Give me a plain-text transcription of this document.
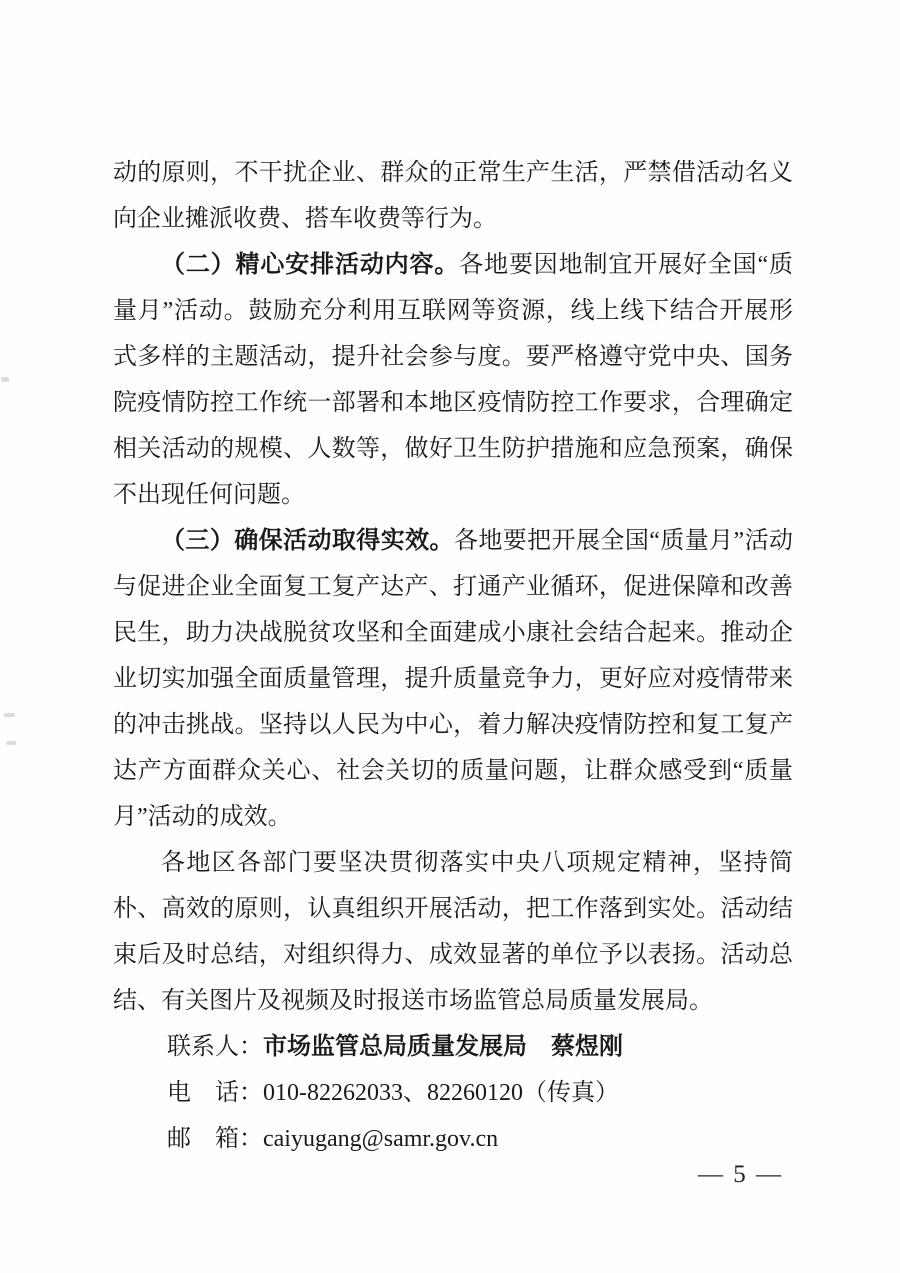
动的原则，不干扰企业、群众的正常生产生活，严禁借活动名义向企业摊派收费、搭车收费等行为。

（二）精心安排活动内容。各地要因地制宜开展好全国“质量月”活动。鼓励充分利用互联网等资源，线上线下结合开展形式多样的主题活动，提升社会参与度。要严格遵守党中央、国务院疫情防控工作统一部署和本地区疫情防控工作要求，合理确定相关活动的规模、人数等，做好卫生防护措施和应急预案，确保不出现任何问题。

（三）确保活动取得实效。各地要把开展全国“质量月”活动与促进企业全面复工复产达产、打通产业循环，促进保障和改善民生，助力决战脱贫攻坚和全面建成小康社会结合起来。推动企业切实加强全面质量管理，提升质量竞争力，更好应对疫情带来的冲击挑战。坚持以人民为中心，着力解决疫情防控和复工复产达产方面群众关心、社会关切的质量问题，让群众感受到“质量月”活动的成效。

各地区各部门要坚决贯彻落实中央八项规定精神，坚持简朴、高效的原则，认真组织开展活动，把工作落到实处。活动结束后及时总结，对组织得力、成效显著的单位予以表扬。活动总结、有关图片及视频及时报送市场监管总局质量发展局。

联系人：市场监管总局质量发展局　蔡煜刚
电　话：010-82262033、82260120（传真）
邮　箱：caiyugang@samr.gov.cn
— 5 —
